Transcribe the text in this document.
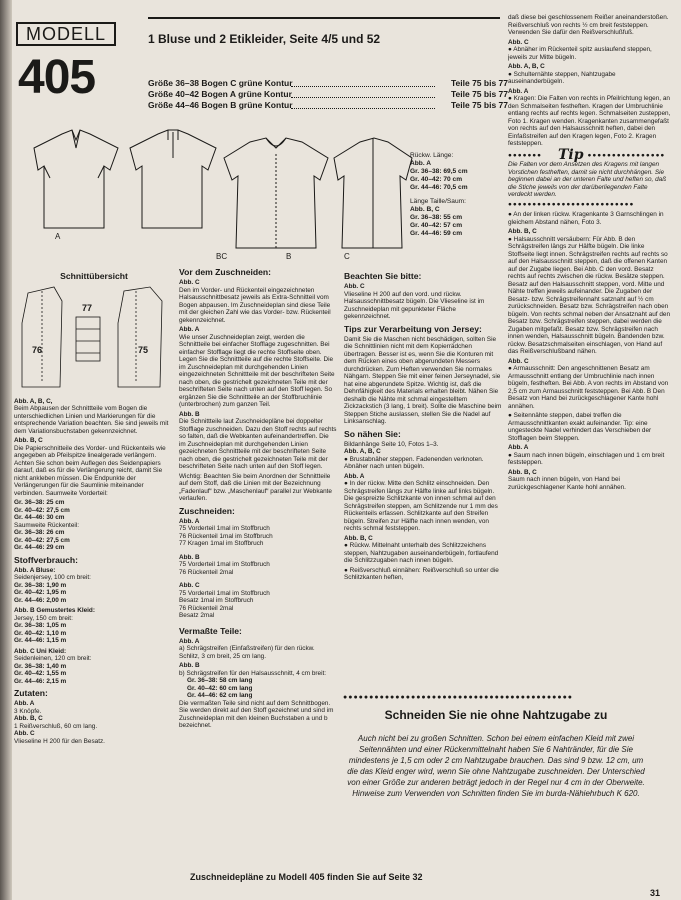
MODELL
405
1 Bluse und 2 Etikleider, Seite 4/5 und 52
Größe 36–38 Bogen C grüne Kontur	Teile 75 bis 77
Größe 40–42 Bogen A grüne Kontur	Teile 75 bis 77
Größe 44–46 Bogen B grüne Kontur	Teile 75 bis 77
A
BC	B	C
Rückw. Länge:
Abb. A
Gr. 36–38: 69,5 cm
Gr. 40–42: 70 cm
Gr. 44–46: 70,5 cm
Länge Taille/Saum:
Abb. B, C
Gr. 36–38: 55 cm
Gr. 40–42: 57 cm
Gr. 44–46: 59 cm
Schnittübersicht
76
77
75

Abb. A, B, C,
Beim Abpausen der Schnittteile vom Bogen die unterschiedlichen Linien und Markierungen für die entsprechende Variation beachten. Sie sind jeweils mit dem Variationsbuchstaben gekennzeichnet.

Abb. B, C
Die Papierschnitteile des Vorder- und Rückenteils wie angegeben ab Pfeilspitze linealgerade verlängern. Achten Sie schon beim Auflegen des Seidenpapiers darauf, daß es für die Verlängerung reicht, damit Sie nicht ankleben müssen. Die Endpunkte der Verlängerungen für die Saumlinie miteinander verbinden. Saumweite Vorderteil:

Gr. 36–38: 25 cm
Gr. 40–42: 27,5 cm
Gr. 44–46: 30 cm
Saumweite Rückenteil:
Gr. 36–38: 26 cm
Gr. 40–42: 27,5 cm
Gr. 44–46: 29 cm
Stoffverbrauch:
Abb. A Bluse:
Seidenjersey, 100 cm breit:
Gr. 36–38: 1,90 m
Gr. 40–42: 1,95 m
Gr. 44–46: 2,00 m
Abb. B Gemustertes Kleid:
Jersey, 150 cm breit:
Gr. 36–38: 1,05 m
Gr. 40–42: 1,10 m
Gr. 44–46: 1,15 m
Abb. C Uni Kleid:
Seidenleinen, 120 cm breit:
Gr. 36–38: 1,40 m
Gr. 40–42: 1,55 m
Gr. 44–46: 2,15 m
Zutaten:
Abb. A
3 Knöpfe.
Abb. B, C
1 Reißverschluß, 60 cm lang.
Abb. C
Vlieseline H 200 für den Besatz.
Vor dem Zuschneiden:

Abb. C
Den im Vorder- und Rückenteil eingezeichneten Halsausschnittbesatz jeweils als Extra-Schnitteil vom Bogen abpausen. Im Zuschneideplan sind diese Teile mit der gleichen Zahl wie das Vorder- bzw. Rückenteil gekennzeichnet.

Abb. A
Wie unser Zuschneideplan zeigt, werden die Schnittteile bei einfacher Stofflage zugeschnitten. Bei einfacher Stofflage liegt die rechte Stoffseite oben. Legen Sie die Schnittteile auf die rechte Stoffseite. Die im Zuschneideplan mit durchgehenden Linien eingezeichneten Schnittteile mit der beschrifteten Seite nach oben, die gestrichelt gezeichneten Teile mit der beschrifteten Seite nach unten auf den Stoff legen. So ergänzen Sie die Schnittteile an der Stoffbruchlinie (unterbrochen) zum ganzen Teil.

Abb. B
Die Schnittteile laut Zuschneidepläne bei doppelter Stofflage zuschneiden. Dazu den Stoff rechts auf rechts so falten, daß die Webkanten aufeinandertreffen. Die im Zuschneideplan mit durchgehenden Linien gezeichneten Schnittteile mit der beschrifteten Seite nach oben, die gestrichelt gezeichneten Teile mit der beschrifteten Seite nach unten auf den Stoff legen.

Wichtig: Beachten Sie beim Anordnen der Schnittteile auf dem Stoff, daß die Linien mit der Bezeichnung „Fadenlauf“ bzw. „Maschenlauf“ parallel zur Webkante verlaufen.

Zuschneiden:
Abb. A
75 Vorderteil 1mal im Stoffbruch
76 Rückenteil 1mal im Stoffbruch
77 Kragen 1mal im Stoffbruch
Abb. B
75 Vorderteil 1mal im Stoffbruch
76 Rückenteil 2mal
Abb. C
75 Vorderteil 1mal im Stoffbruch
Besatz 1mal im Stoffbruch
76 Rückenteil 2mal
Besatz 2mal
Vermaßte Teile:
Abb. A

a) Schrägstreifen (Einfaßstreifen) für den rückw. Schlitz, 3 cm breit, 25 cm lang.

Abb. B
b) Schrägstreifen für den Halsausschnitt, 4 cm breit:
Gr. 36–38: 58 cm lang
Gr. 40–42: 60 cm lang
Gr. 44–46: 62 cm lang

Die vermaßten Teile sind nicht auf dem Schnittbogen. Sie werden direkt auf den Stoff gezeichnet und sind im Zuschneideplan mit den kleinen Buchstaben a und b bezeichnet.

Beachten Sie bitte:

Abb. C
Vlieseline H 200 auf den vord. und rückw. Halsausschnittbesatz bügeln. Die Vlieseline ist im Zuschneideplan mit gepunkteter Fläche gekennzeichnet.

Tips zur Verarbeitung von Jersey:

Damit Sie die Maschen nicht beschädigen, sollten Sie die Schnittlinien nicht mit dem Kopierrädchen übertragen. Besser ist es, wenn Sie die Konturen mit dem Rücken eines oben abgerundeten Messers durchdrücken. Zum Heften verwenden Sie normales Nähgarn. Steppen Sie mit einer feinen Jerseynadel, sie hat eine abgerundete Spitze. Wichtig ist, daß die Dehnfähigkeit des Materials erhalten bleibt. Nähen Sie deshalb die Nähte mit schmal eingestelltem Zickzackstich (3 lang, 1 breit). Sollte die Maschine beim Steppen Stiche auslassen, stellen Sie die Nadel auf Linksanschlag.

So nähen Sie:
Bildanhänge Seite 10, Fotos 1–3.
Abb. A, B, C

● Brustabnäher steppen. Fadenenden verknoten. Abnäher nach unten bügeln.

Abb. A

● In der rückw. Mitte den Schlitz einschneiden. Den Schrägstreifen längs zur Hälfte linke auf links bügeln. Die gespreizte Schlitzkante von innen schmal auf den Schrägstreifen steppen, am Schlitzende nur 1 mm des Rückenteils erfassen. Schlitzkante auf den Streifen bügeln. Streifen zur Hälfte nach innen wenden, von rechts schmal feststeppen.

Abb. B, C

● Rückw. Mittelnaht unterhalb des Schlitzzeichens steppen, Nahtzugaben auseinanderbügeln, fortlaufend die Schlitzzugaben nach innen bügeln.

● Reißverschluß einnähen: Reißverschluß so unter die Schlitzkanten heften,

daß diese bei geschlossenem Reißer aneinanderstoßen. Reißverschluß von rechts ½ cm breit feststeppen. Verwenden Sie dafür den Reißverschlußfuß.

Abb. C

● Abnäher im Rückenteil spitz auslaufend steppen, jeweils zur Mitte bügeln.

Abb. A, B, C

● Schulternähte steppen, Nahtzugabe auseinanderbügeln.

Abb. A

● Kragen: Die Falten von rechts in Pfeilrichtung legen, an den Schmalseiten festheften. Kragen der Umbruchlinie entlang rechts auf rechts legen. Schmalseiten zusteppen, Foto 1. Kragen wenden. Kragenkanten zusammengefaßt von rechts auf den Halsausschnitt heften, dabei den Einfaßstreifen auf den Kragen legen, Foto 2. Kragen feststeppen.

●●●●●●●	Tip ●●●●●●●●●●●●●●●●

Die Falten vor dem Ansetzen des Kragens mit langen Vorstichen festheften, damit sie nicht durchhängen. Sie beginnen dabei an der unteren Falte und heften so, daß die Stiche jeweils von der darüberliegenden Falte verdeckt werden.

●●●●●●●●●●●●●●●●●●●●●●●●●●

● An der linken rückw. Kragenkante 3 Garnschlingen in gleichem Abstand nähen, Foto 3.

Abb. B, C

● Halsausschnitt versäubern: Für Abb. B den Schrägstreifen längs zur Hälfte bügeln. Die linke Stoffseite liegt innen. Schrägstreifen rechts auf rechts so auf den Halsausschnitt steppen, daß die offenen Kanten auf der Zugabe liegen. Bei Abb. C den vord. Besatz rechts auf rechts zwischen die rückw. Besätze steppen. Besatz auf den Halsausschnitt steppen, vord. Mitte und Nähte treffen jeweils aufeinander. Die Zugaben der Besatz- bzw. Schrägstreifennaht satznaht auf ½ cm zurückschneiden. Besatz bzw. Schrägstreifen nach oben bügeln. Von rechts schmal neben der Ansatznaht auf den Besatz bzw. Schrägstreifen steppen, dabei werden die Zugaben mitgefaßt. Besatz bzw. Schrägstreifen nach innen wenden, Halsausschnitt bügeln. Bandenden bzw. rückw. Besatzschmalseiten einschlagen, von Hand auf das Reißverschlußband nähen.

Abb. C

● Armausschnitt: Den angeschnittenen Besatz am Armausschnitt entlang der Umbruchlinie nach innen bügeln, festheften. Bei Abb. A von rechts im Abstand von 2,5 cm zum Armausschnitt feststeppen. Bei Abb. B Den Besatz von Hand bei zurückgeschlagener Kante hohl annähen.

● Seitennähte steppen, dabei treffen die Armausschnittkanten exakt aufeinander. Tip: eine ungesteckte Nadel verhindert das Verschieben der Stofflagen beim Steppen.

Abb. A

● Saum nach innen bügeln, einschlagen und 1 cm breit feststeppen.

Abb. B, C

Saum nach innen bügeln, von Hand bei zurückgeschlagener Kante hohl annähen.

●●●●●●●●●●●●●●●●●●●●●●●●●●●●●●●●●●●●●●●●●●●●
Schneiden Sie nie ohne Nahtzugabe zu
Auch nicht bei zu großen Schnitten. Schon bei einem einfachen Kleid mit zwei Seitennähten und einer Rückenmittelnaht haben Sie 6 Nahtränder, für die Sie mindestens je 1,5 cm oder 2 cm Nahtzugabe brauchen. Das sind 9 bzw. 12 cm, um die das Kleid enger wird, wenn Sie ohne Nahtzugabe zuschneiden. Der Unterschied von einer Größe zur anderen beträgt jedoch in der Regel nur 4 cm in der Oberweite. Hinweise zum Verwenden von Schnitten finden Sie im burda-Nähiehrbuch K 620.
Zuschneidepläne zu Modell 405 finden Sie auf Seite 32
31
